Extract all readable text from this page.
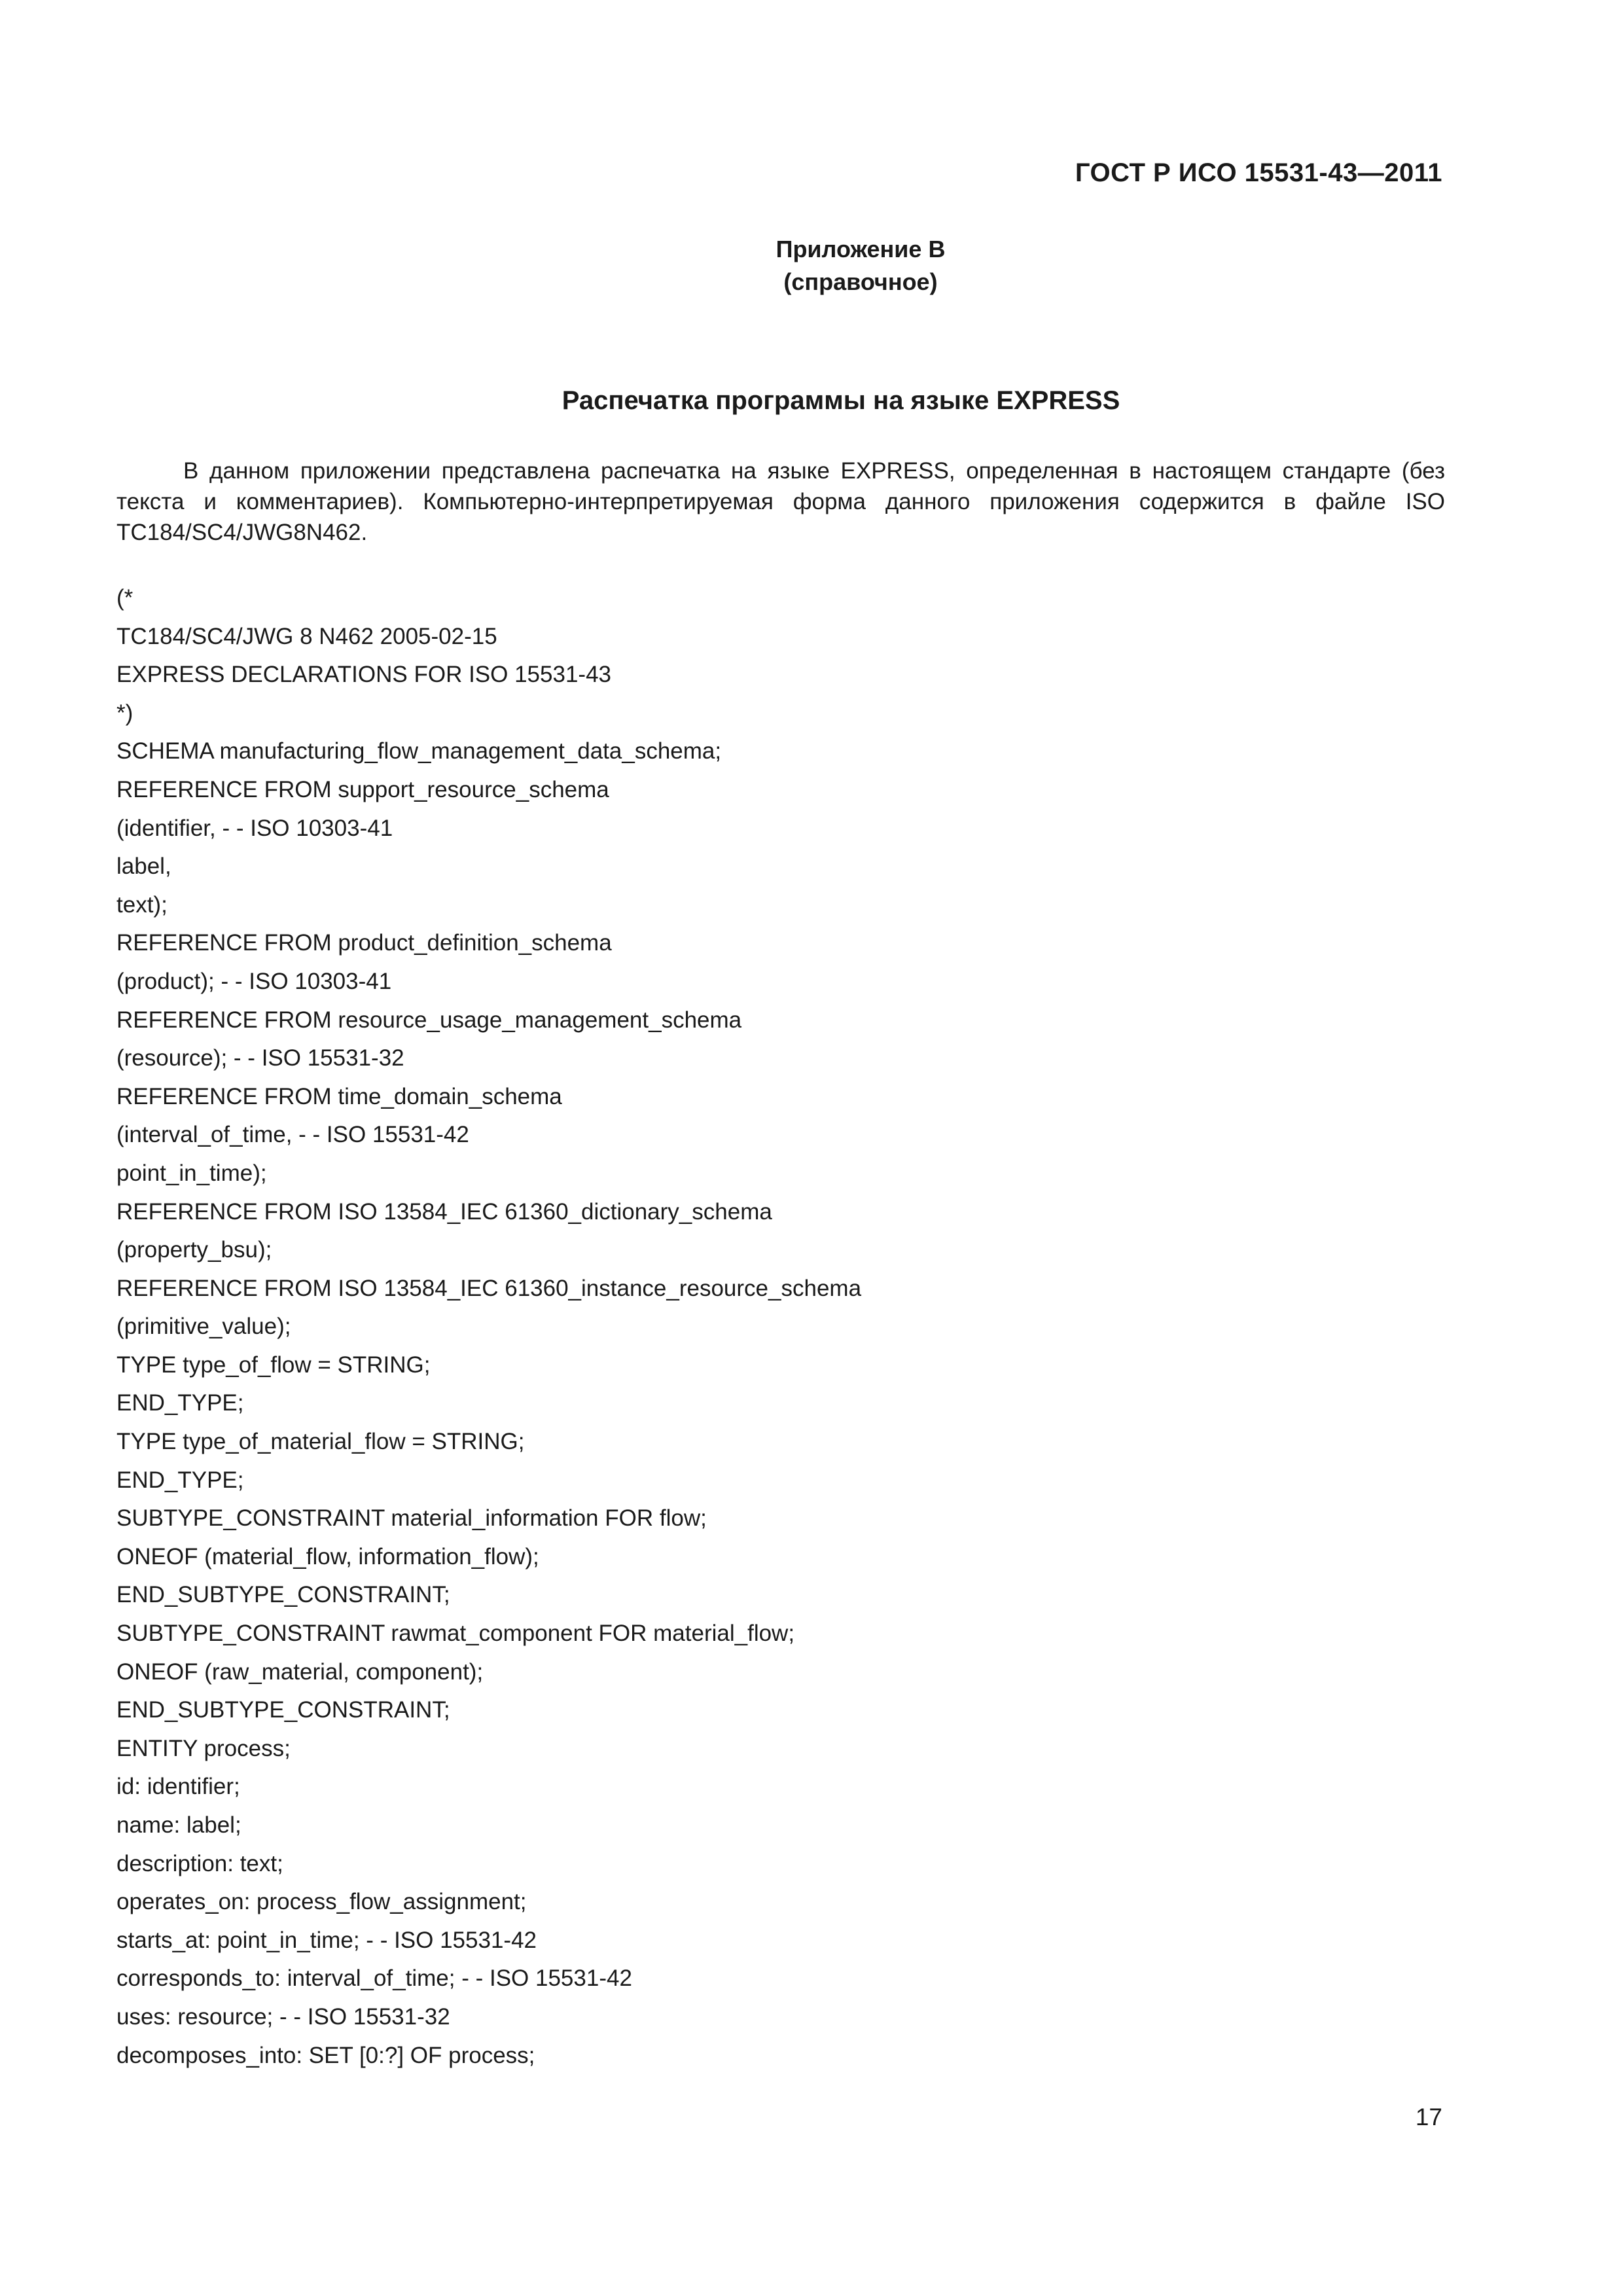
ГОСТ Р ИСО 15531-43—2011
Приложение B
(справочное)
Распечатка программы на языке EXPRESS

В данном приложении представлена распечатка на языке EXPRESS, определенная в настоящем стандарте (без текста и комментариев). Компьютерно-интерпретируемая форма данного приложения содержится в файле ISO TC184/SC4/JWG8N462.

(*
TC184/SC4/JWG 8 N462 2005-02-15
EXPRESS DECLARATIONS FOR ISO 15531-43
*)
SCHEMA manufacturing_flow_management_data_schema;
REFERENCE FROM support_resource_schema
(identifier, - - ISO 10303-41
label,
text);
REFERENCE FROM product_definition_schema
(product); - - ISO 10303-41
REFERENCE FROM resource_usage_management_schema
(resource); - - ISO 15531-32
REFERENCE FROM time_domain_schema
(interval_of_time, - - ISO 15531-42
point_in_time);
REFERENCE FROM ISO 13584_IEC 61360_dictionary_schema
(property_bsu);
REFERENCE FROM ISO 13584_IEC 61360_instance_resource_schema
(primitive_value);
TYPE type_of_flow = STRING;
END_TYPE;
TYPE type_of_material_flow = STRING;
END_TYPE;
SUBTYPE_CONSTRAINT material_information FOR flow;
ONEOF (material_flow, information_flow);
END_SUBTYPE_CONSTRAINT;
SUBTYPE_CONSTRAINT rawmat_component FOR material_flow;
ONEOF (raw_material, component);
END_SUBTYPE_CONSTRAINT;
ENTITY process;
id: identifier;
name: label;
description: text;
operates_on: process_flow_assignment;
starts_at: point_in_time; - - ISO 15531-42
corresponds_to: interval_of_time; - - ISO 15531-42
uses: resource; - - ISO 15531-32
decomposes_into: SET [0:?] OF process;
17
